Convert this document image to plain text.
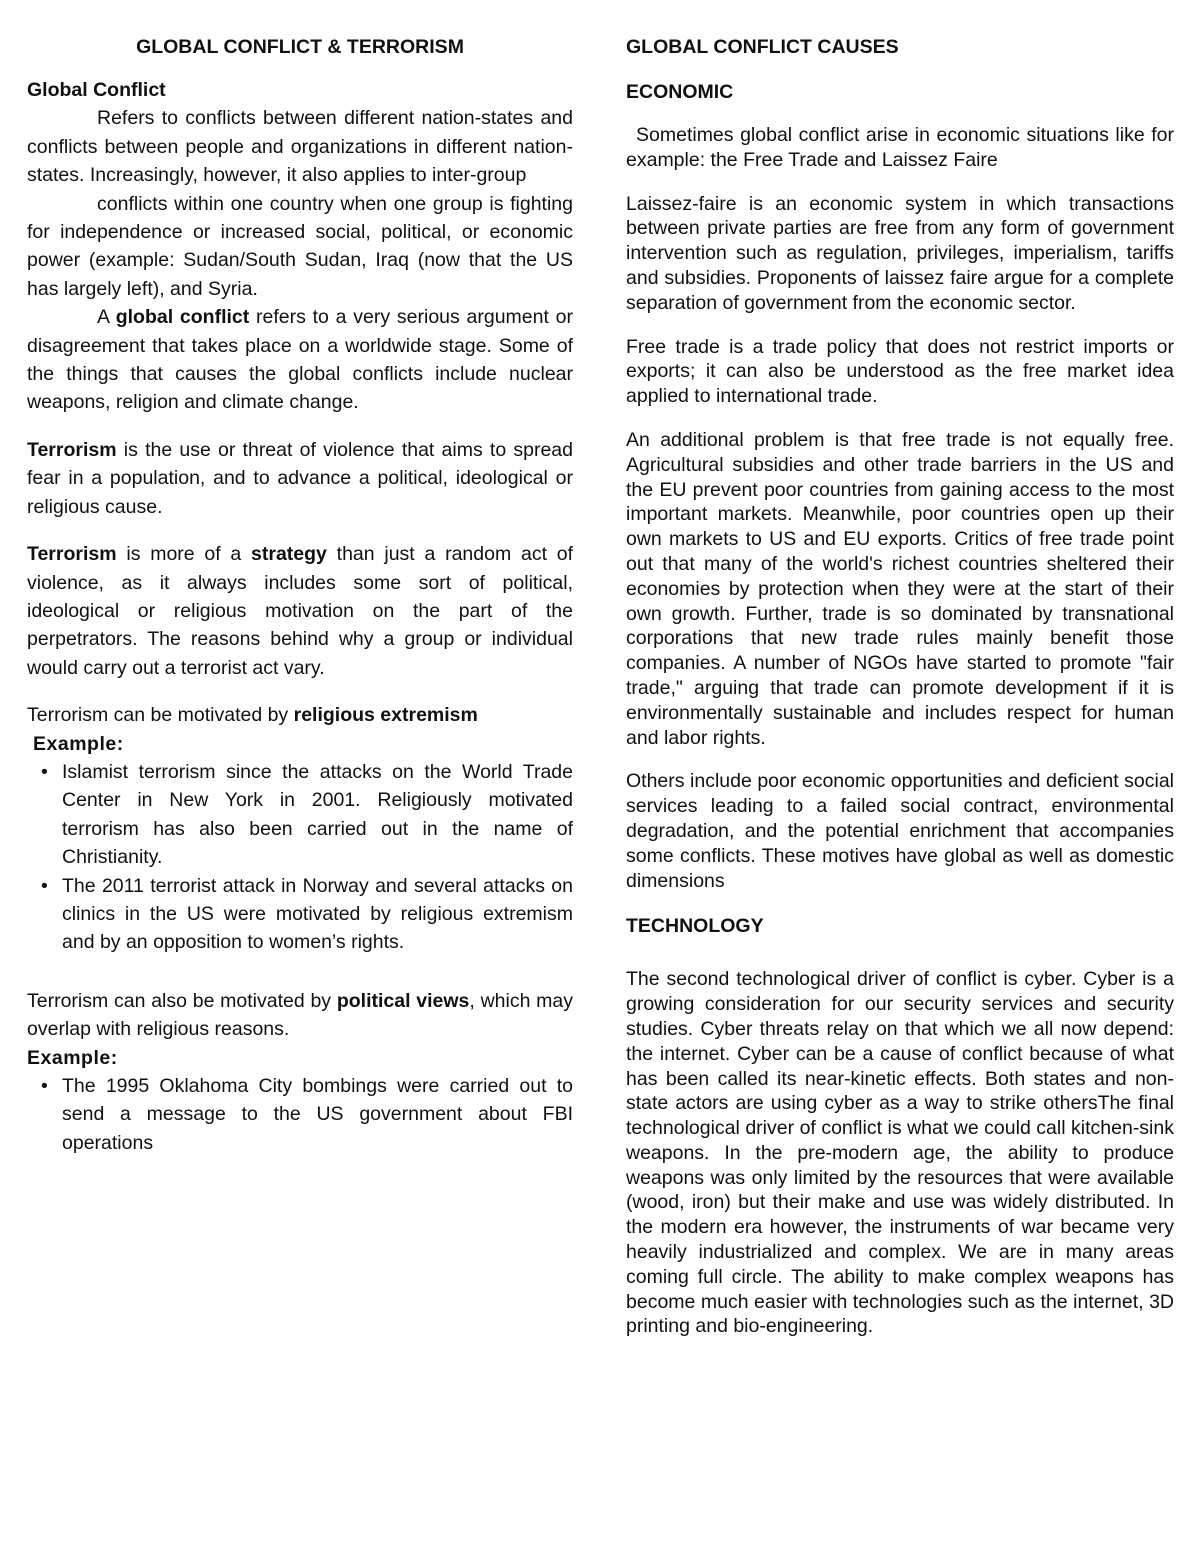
GLOBAL CONFLICT & TERRORISM
Global Conflict

Refers to conflicts between different nation-states and conflicts between people and organizations in different nation-states. Increasingly, however, it also applies to inter-group

conflicts within one country when one group is fighting for independence or increased social, political, or economic power (example: Sudan/South Sudan, Iraq (now that the US has largely left), and Syria.

A global conflict refers to a very serious argument or disagreement that takes place on a worldwide stage. Some of the things that causes the global conflicts include nuclear weapons, religion and climate change.

Terrorism is the use or threat of violence that aims to spread fear in a population, and to advance a political, ideological or religious cause.

Terrorism is more of a strategy than just a random act of violence, as it always includes some sort of political, ideological or religious motivation on the part of the perpetrators. The reasons behind why a group or individual would carry out a terrorist act vary.

Terrorism can be motivated by religious extremism

Example:
• Islamist terrorism since the attacks on the World Trade Center in New York in 2001. Religiously motivated terrorism has also been carried out in the name of Christianity.
• The 2011 terrorist attack in Norway and several attacks on clinics in the US were motivated by religious extremism and by an opposition to women’s rights.

Terrorism can also be motivated by political views, which may overlap with religious reasons.

Example:
• The 1995 Oklahoma City bombings were carried out to send a message to the US government about FBI operations
GLOBAL CONFLICT CAUSES
ECONOMIC

Sometimes global conflict arise in economic situations like for example: the Free Trade and Laissez Faire

Laissez-faire is an economic system in which transactions between private parties are free from any form of government intervention such as regulation, privileges, imperialism, tariffs and subsidies. Proponents of laissez faire argue for a complete separation of government from the economic sector.

Free trade is a trade policy that does not restrict imports or exports; it can also be understood as the free market idea applied to international trade.

An additional problem is that free trade is not equally free. Agricultural subsidies and other trade barriers in the US and the EU prevent poor countries from gaining access to the most important markets. Meanwhile, poor countries open up their own markets to US and EU exports. Critics of free trade point out that many of the world's richest countries sheltered their economies by protection when they were at the start of their own growth. Further, trade is so dominated by transnational corporations that new trade rules mainly benefit those companies. A number of NGOs have started to promote "fair trade," arguing that trade can promote development if it is environmentally sustainable and includes respect for human and labor rights.

Others include poor economic opportunities and deficient social services leading to a failed social contract, environmental degradation, and the potential enrichment that accompanies some conflicts. These motives have global as well as domestic dimensions

TECHNOLOGY

The second technological driver of conflict is cyber. Cyber is a growing consideration for our security services and security studies. Cyber threats relay on that which we all now depend: the internet. Cyber can be a cause of conflict because of what has been called its near-kinetic effects. Both states and non-state actors are using cyber as a way to strike othersThe final technological driver of conflict is what we could call kitchen-sink weapons. In the pre-modern age, the ability to produce weapons was only limited by the resources that were available (wood, iron) but their make and use was widely distributed. In the modern era however, the instruments of war became very heavily industrialized and complex. We are in many areas coming full circle. The ability to make complex weapons has become much easier with technologies such as the internet, 3D printing and bio-engineering.
